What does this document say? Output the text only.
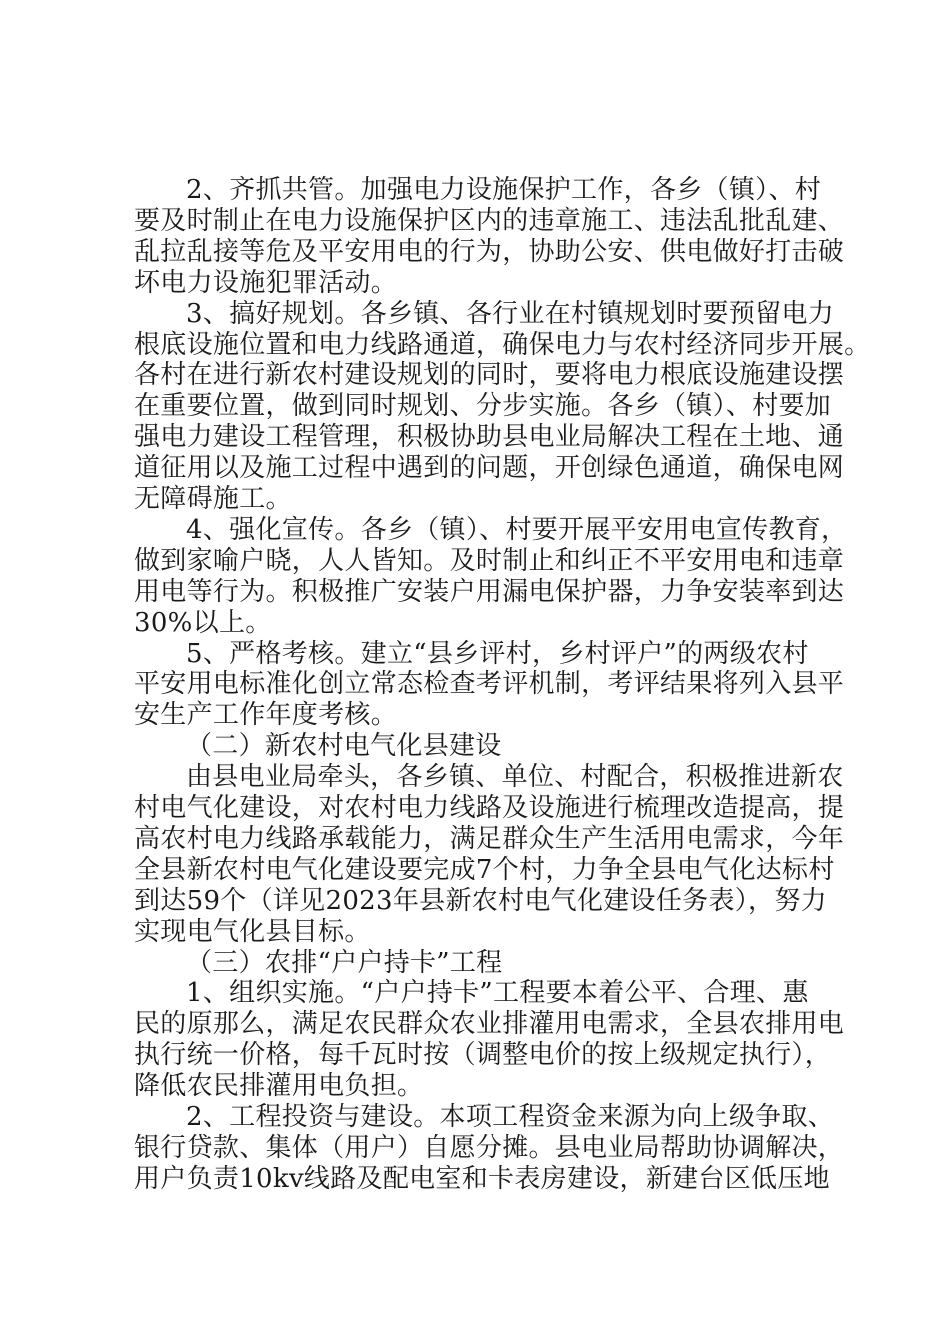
2、齐抓共管。加强电力设施保护工作，各乡（镇）、村
要及时制止在电力设施保护区内的违章施工、违法乱批乱建、
乱拉乱接等危及平安用电的行为，协助公安、供电做好打击破
坏电力设施犯罪活动。
3、搞好规划。各乡镇、各行业在村镇规划时要预留电力
根底设施位置和电力线路通道，确保电力与农村经济同步开展。
各村在进行新农村建设规划的同时，要将电力根底设施建设摆
在重要位置，做到同时规划、分步实施。各乡（镇）、村要加
强电力建设工程管理，积极协助县电业局解决工程在土地、通
道征用以及施工过程中遇到的问题，开创绿色通道，确保电网
无障碍施工。
4、强化宣传。各乡（镇）、村要开展平安用电宣传教育，
做到家喻户晓，人人皆知。及时制止和纠正不平安用电和违章
用电等行为。积极推广安装户用漏电保护器，力争安装率到达
30%以上。
5、严格考核。建立“县乡评村，乡村评户”的两级农村
平安用电标准化创立常态检查考评机制，考评结果将列入县平
安生产工作年度考核。
（二）新农村电气化县建设
由县电业局牵头，各乡镇、单位、村配合，积极推进新农
村电气化建设，对农村电力线路及设施进行梳理改造提高，提
高农村电力线路承载能力，满足群众生产生活用电需求，今年
全县新农村电气化建设要完成7个村，力争全县电气化达标村
到达59个（详见2023年县新农村电气化建设任务表），努力
实现电气化县目标。
（三）农排“户户持卡”工程
1、组织实施。“户户持卡”工程要本着公平、合理、惠
民的原那么，满足农民群众农业排灌用电需求，全县农排用电
执行统一价格，每千瓦时按（调整电价的按上级规定执行），
降低农民排灌用电负担。
2、工程投资与建设。本项工程资金来源为向上级争取、
银行贷款、集体（用户）自愿分摊。县电业局帮助协调解决，
用户负责10kv线路及配电室和卡表房建设，新建台区低压地
